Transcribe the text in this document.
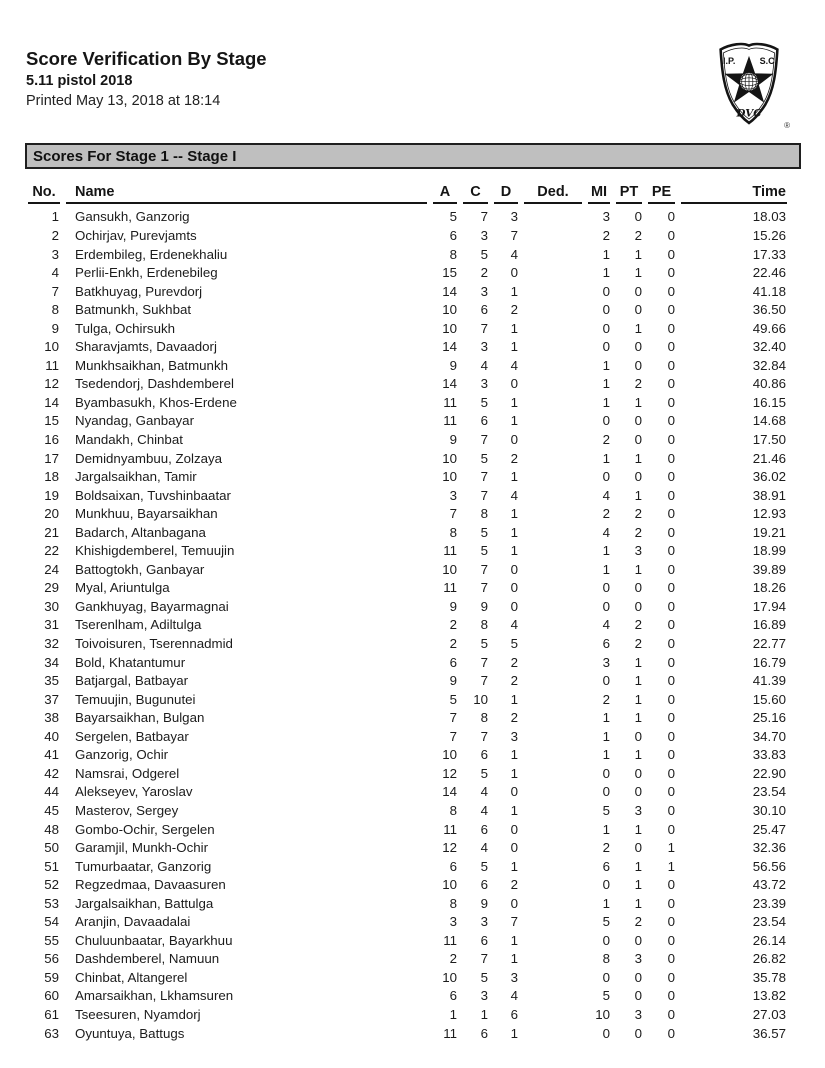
Score Verification By Stage
5.11 pistol 2018
Printed May 13, 2018 at 18:14
I.P. S.C.
DVC
®
Scores For Stage 1 -- Stage I
No.	Name	A	C	D	Ded.	MI	PT	PE	Time

1	Gansukh, Ganzorig	5	7	3		3	0	0	18.03
2	Ochirjav, Purevjamts	6	3	7		2	2	0	15.26
3	Erdembileg, Erdenekhaliu	8	5	4		1	1	0	17.33
4	Perlii-Enkh, Erdenebileg	15	2	0		1	1	0	22.46
7	Batkhuyag, Purevdorj	14	3	1		0	0	0	41.18
8	Batmunkh, Sukhbat	10	6	2		0	0	0	36.50
9	Tulga, Ochirsukh	10	7	1		0	1	0	49.66
10	Sharavjamts, Davaadorj	14	3	1		0	0	0	32.40
11	Munkhsaikhan, Batmunkh	9	4	4		1	0	0	32.84
12	Tsedendorj, Dashdemberel	14	3	0		1	2	0	40.86
14	Byambasukh, Khos-Erdene	11	5	1		1	1	0	16.15
15	Nyandag, Ganbayar	11	6	1		0	0	0	14.68
16	Mandakh, Chinbat	9	7	0		2	0	0	17.50
17	Demidnyambuu, Zolzaya	10	5	2		1	1	0	21.46
18	Jargalsaikhan, Tamir	10	7	1		0	0	0	36.02
19	Boldsaixan, Tuvshinbaatar	3	7	4		4	1	0	38.91
20	Munkhuu, Bayarsaikhan	7	8	1		2	2	0	12.93
21	Badarch, Altanbagana	8	5	1		4	2	0	19.21
22	Khishigdemberel, Temuujin	11	5	1		1	3	0	18.99
24	Battogtokh, Ganbayar	10	7	0		1	1	0	39.89
29	Myal, Ariuntulga	11	7	0		0	0	0	18.26
30	Gankhuyag, Bayarmagnai	9	9	0		0	0	0	17.94
31	Tserenlham, Adiltulga	2	8	4		4	2	0	16.89
32	Toivoisuren, Tserennadmid	2	5	5		6	2	0	22.77
34	Bold, Khatantumur	6	7	2		3	1	0	16.79
35	Batjargal, Batbayar	9	7	2		0	1	0	41.39
37	Temuujin, Bugunutei	5	10	1		2	1	0	15.60
38	Bayarsaikhan, Bulgan	7	8	2		1	1	0	25.16
40	Sergelen, Batbayar	7	7	3		1	0	0	34.70
41	Ganzorig, Ochir	10	6	1		1	1	0	33.83
42	Namsrai, Odgerel	12	5	1		0	0	0	22.90
44	Alekseyev, Yaroslav	14	4	0		0	0	0	23.54
45	Masterov, Sergey	8	4	1		5	3	0	30.10
48	Gombo-Ochir, Sergelen	11	6	0		1	1	0	25.47
50	Garamjil, Munkh-Ochir	12	4	0		2	0	1	32.36
51	Tumurbaatar, Ganzorig	6	5	1		6	1	1	56.56
52	Regzedmaa, Davaasuren	10	6	2		0	1	0	43.72
53	Jargalsaikhan, Battulga	8	9	0		1	1	0	23.39
54	Aranjin, Davaadalai	3	3	7		5	2	0	23.54
55	Chuluunbaatar, Bayarkhuu	11	6	1		0	0	0	26.14
56	Dashdemberel, Namuun	2	7	1		8	3	0	26.82
59	Chinbat, Altangerel	10	5	3		0	0	0	35.78
60	Amarsaikhan, Lkhamsuren	6	3	4		5	0	0	13.82
61	Tseesuren, Nyamdorj	1	1	6		10	3	0	27.03
63	Oyuntuya, Battugs	11	6	1		0	0	0	36.57
